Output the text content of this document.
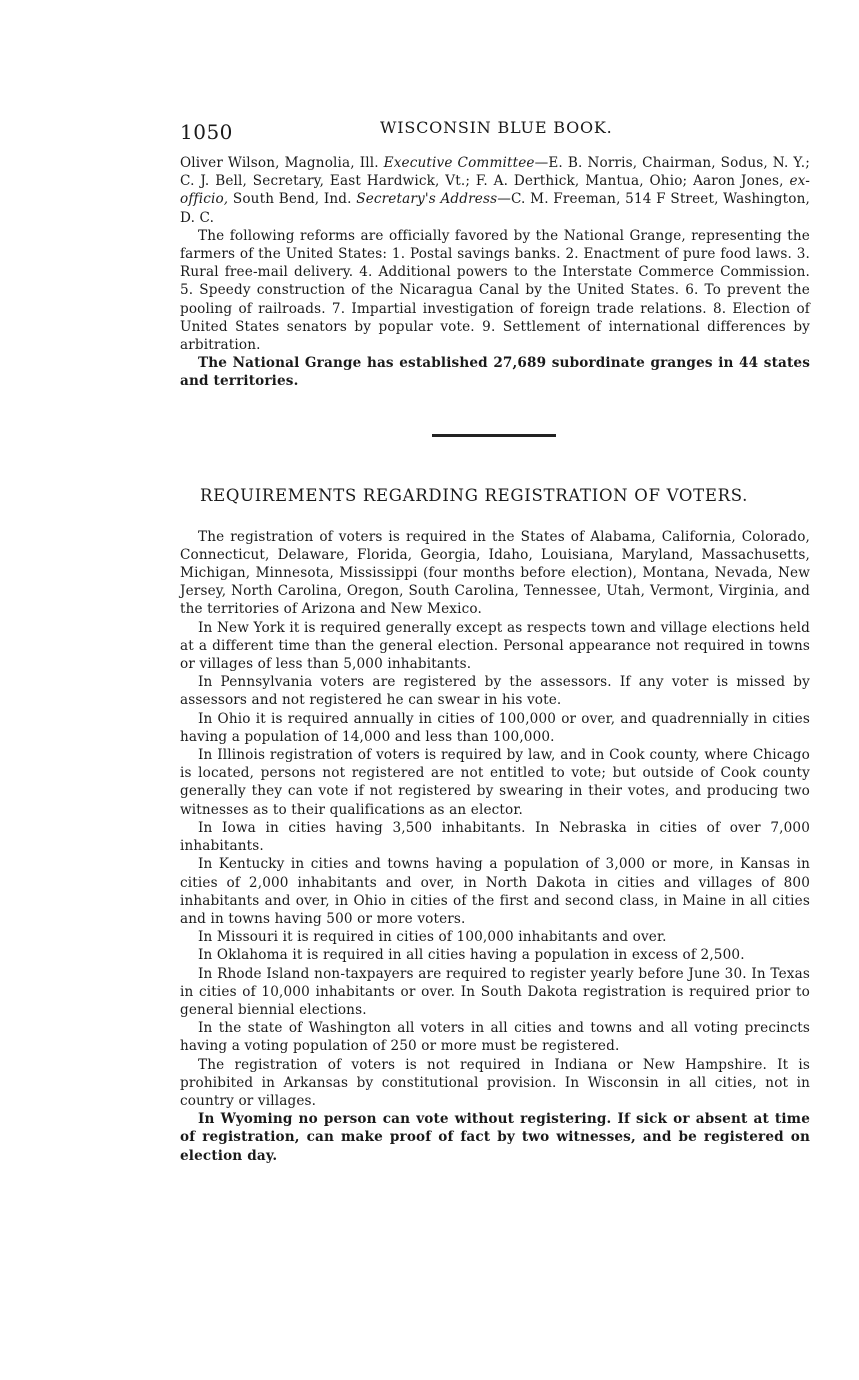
1050	WISCONSIN BLUE BOOK.

Oliver Wilson, Magnolia, Ill. Executive Committee—E. B. Norris, Chairman, Sodus, N. Y.; C. J. Bell, Secretary, East Hardwick, Vt.; F. A. Derthick, Mantua, Ohio; Aaron Jones, ex-officio, South Bend, Ind. Secretary's Address—C. M. Freeman, 514 F Street, Washington, D. C.

The following reforms are officially favored by the National Grange, representing the farmers of the United States: 1. Postal savings banks. 2. Enactment of pure food laws. 3. Rural free-mail delivery. 4. Additional powers to the Interstate Commerce Commission. 5. Speedy construction of the Nicaragua Canal by the United States. 6. To prevent the pooling of railroads. 7. Impartial investigation of foreign trade relations. 8. Election of United States senators by popular vote. 9. Settlement of international differences by arbitration.

The National Grange has established 27,689 subordinate granges in 44 states and territories.

REQUIREMENTS REGARDING REGISTRATION OF VOTERS.

The registration of voters is required in the States of Alabama, California, Colorado, Connecticut, Delaware, Florida, Georgia, Idaho, Louisiana, Maryland, Massachusetts, Michigan, Minnesota, Mississippi (four months before election), Montana, Nevada, New Jersey, North Carolina, Oregon, South Carolina, Tennessee, Utah, Vermont, Virginia, and the territories of Arizona and New Mexico.

In New York it is required generally except as respects town and village elections held at a different time than the general election. Personal appearance not required in towns or villages of less than 5,000 inhabitants.

In Pennsylvania voters are registered by the assessors. If any voter is missed by assessors and not registered he can swear in his vote.

In Ohio it is required annually in cities of 100,000 or over, and quadrennially in cities having a population of 14,000 and less than 100,000.

In Illinois registration of voters is required by law, and in Cook county, where Chicago is located, persons not registered are not entitled to vote; but outside of Cook county generally they can vote if not registered by swearing in their votes, and producing two witnesses as to their qualifications as an elector.

In Iowa in cities having 3,500 inhabitants. In Nebraska in cities of over 7,000 inhabitants.

In Kentucky in cities and towns having a population of 3,000 or more, in Kansas in cities of 2,000 inhabitants and over, in North Dakota in cities and villages of 800 inhabitants and over, in Ohio in cities of the first and second class, in Maine in all cities and in towns having 500 or more voters.

In Missouri it is required in cities of 100,000 inhabitants and over.

In Oklahoma it is required in all cities having a population in excess of 2,500.

In Rhode Island non-taxpayers are required to register yearly before June 30. In Texas in cities of 10,000 inhabitants or over. In South Dakota registration is required prior to general biennial elections.

In the state of Washington all voters in all cities and towns and all voting precincts having a voting population of 250 or more must be registered.

The registration of voters is not required in Indiana or New Hampshire. It is prohibited in Arkansas by constitutional provision. In Wisconsin in all cities, not in country or villages.

In Wyoming no person can vote without registering. If sick or absent at time of registration, can make proof of fact by two witnesses, and be registered on election day.
